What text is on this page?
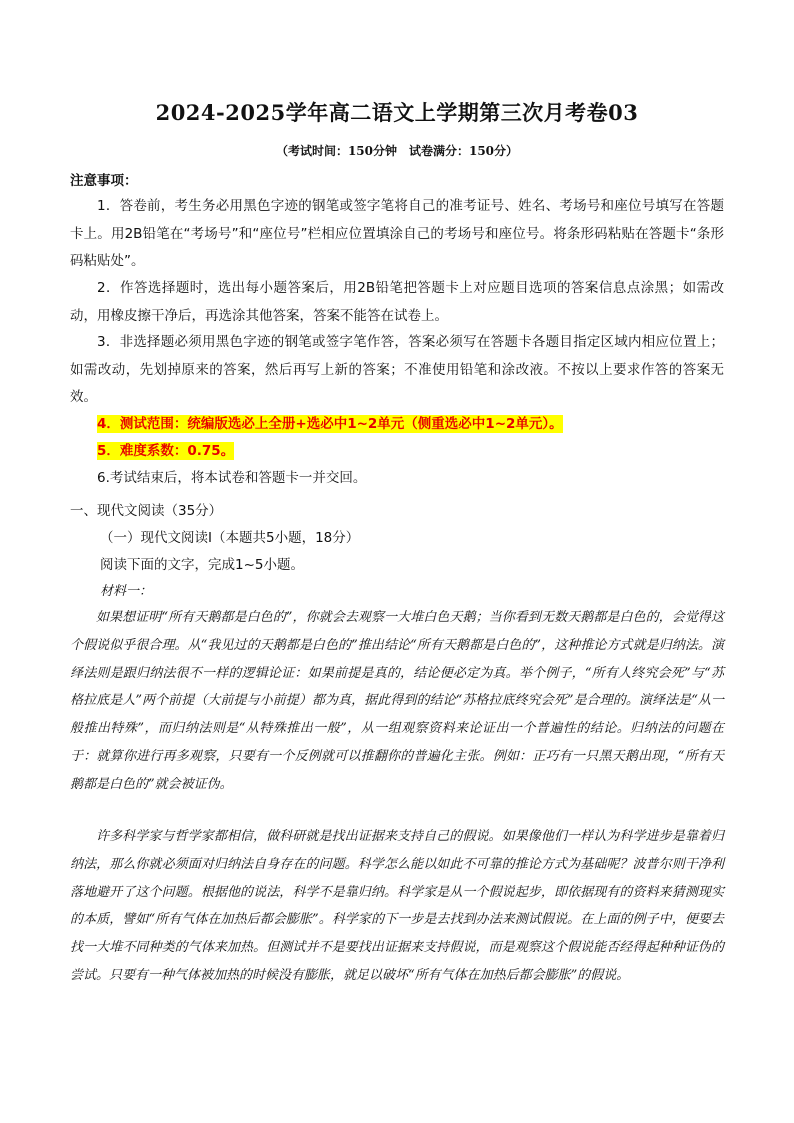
2024-2025学年高二语文上学期第三次月考卷03
（考试时间：150分钟　试卷满分：150分）
注意事项：

1．答卷前，考生务必用黑色字迹的钢笔或签字笔将自己的准考证号、姓名、考场号和座位号填写在答题卡上。用2B铅笔在“考场号”和“座位号”栏相应位置填涂自己的考场号和座位号。将条形码粘贴在答题卡“条形码粘贴处”。

2．作答选择题时，选出每小题答案后，用2B铅笔把答题卡上对应题目选项的答案信息点涂黑；如需改动，用橡皮擦干净后，再选涂其他答案，答案不能答在试卷上。

3．非选择题必须用黑色字迹的钢笔或签字笔作答，答案必须写在答题卡各题目指定区域内相应位置上；如需改动，先划掉原来的答案，然后再写上新的答案；不准使用铅笔和涂改液。不按以上要求作答的答案无效。

4．测试范围：统编版选必上全册+选必中1~2单元（侧重选必中1~2单元）。

5．难度系数：0.75。

6.考试结束后，将本试卷和答题卡一并交回。

一、现代文阅读（35分）

（一）现代文阅读Ⅰ（本题共5小题，18分）

阅读下面的文字，完成1~5小题。

材料一：

如果想证明“所有天鹅都是白色的”，你就会去观察一大堆白色天鹅；当你看到无数天鹅都是白色的，会觉得这个假说似乎很合理。从“我见过的天鹅都是白色的”推出结论“所有天鹅都是白色的”，这种推论方式就是归纳法。演绎法则是跟归纳法很不一样的逻辑论证：如果前提是真的，结论便必定为真。举个例子，“所有人终究会死”与“苏格拉底是人”两个前提（大前提与小前提）都为真，据此得到的结论“苏格拉底终究会死”是合理的。演绎法是“从一般推出特殊”，而归纳法则是“从特殊推出一般”，从一组观察资料来论证出一个普遍性的结论。归纳法的问题在于：就算你进行再多观察，只要有一个反例就可以推翻你的普遍化主张。例如：正巧有一只黑天鹅出现，“所有天鹅都是白色的”就会被证伪。

许多科学家与哲学家都相信，做科研就是找出证据来支持自己的假说。如果像他们一样认为科学进步是靠着归纳法，那么你就必须面对归纳法自身存在的问题。科学怎么能以如此不可靠的推论方式为基础呢？波普尔则干净利落地避开了这个问题。根据他的说法，科学不是靠归纳。科学家是从一个假说起步，即依据现有的资料来猜测现实的本质，譬如“所有气体在加热后都会膨胀”。科学家的下一步是去找到办法来测试假说。在上面的例子中，便要去找一大堆不同种类的气体来加热。但测试并不是要找出证据来支持假说，而是观察这个假说能否经得起种种证伪的尝试。只要有一种气体被加热的时候没有膨胀，就足以破坏“所有气体在加热后都会膨胀”的假说。
